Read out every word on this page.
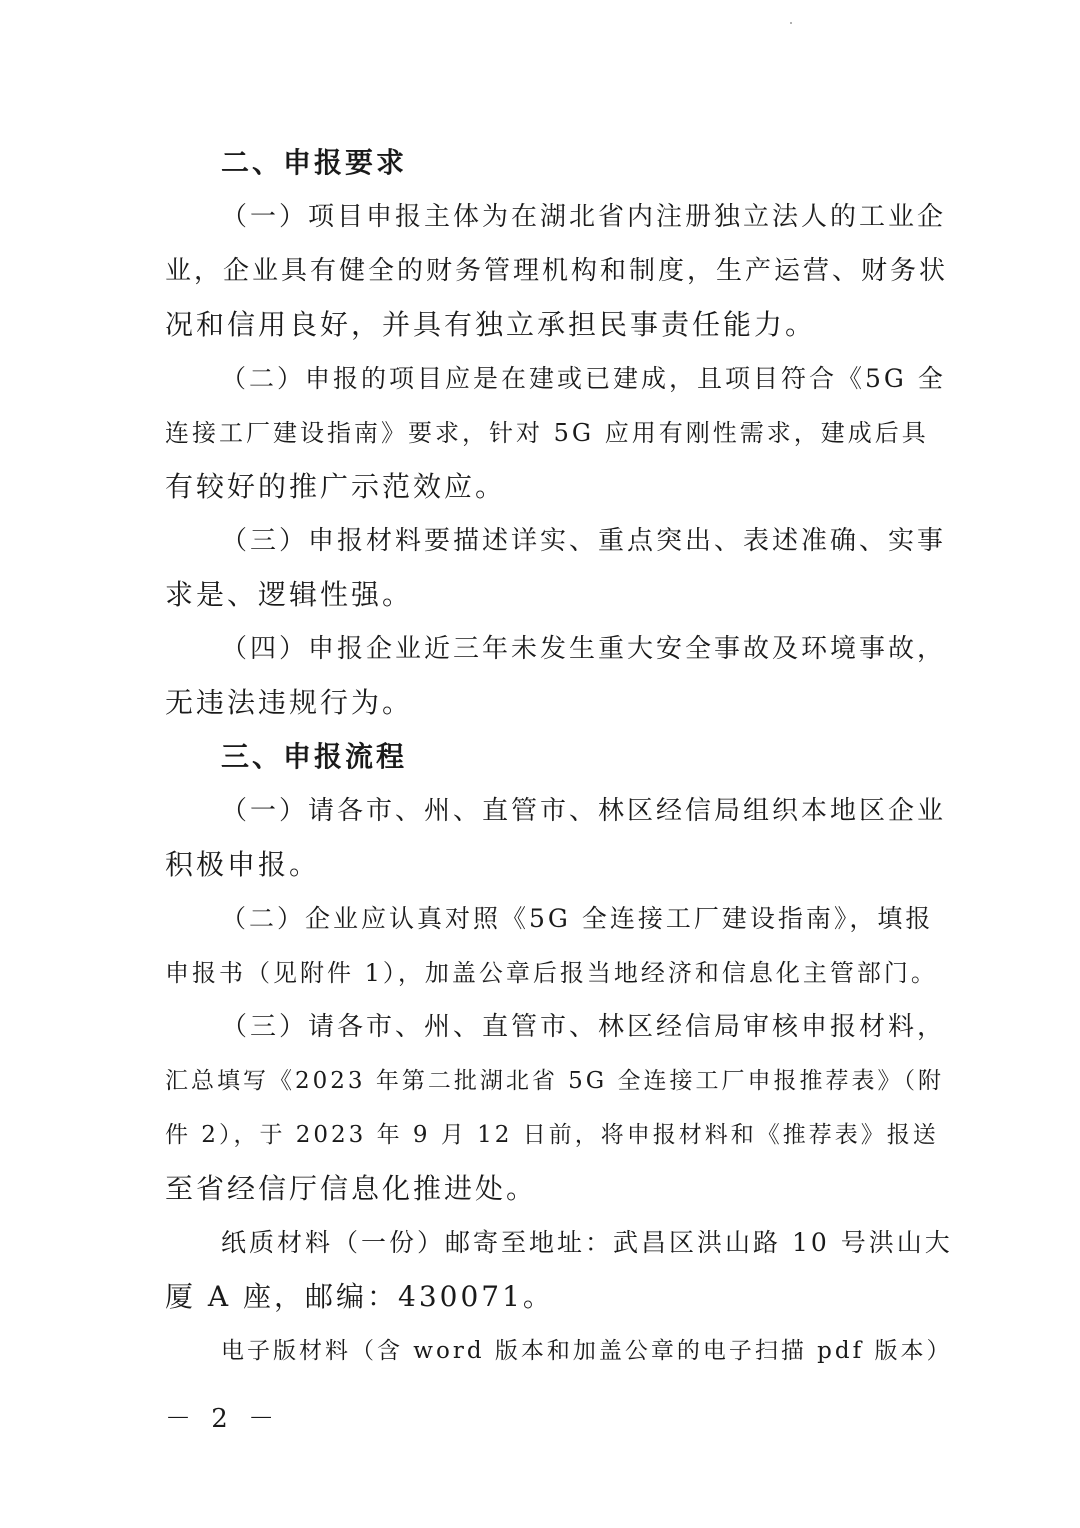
二、申报要求
（一）项目申报主体为在湖北省内注册独立法人的工业企
业，企业具有健全的财务管理机构和制度，生产运营、财务状
况和信用良好，并具有独立承担民事责任能力。
（二）申报的项目应是在建或已建成，且项目符合《5G 全
连接工厂建设指南》要求，针对 5G 应用有刚性需求，建成后具
有较好的推广示范效应。
（三）申报材料要描述详实、重点突出、表述准确、实事
求是、逻辑性强。
（四）申报企业近三年未发生重大安全事故及环境事故，
无违法违规行为。
三、申报流程
（一）请各市、州、直管市、林区经信局组织本地区企业
积极申报。
（二）企业应认真对照《5G 全连接工厂建设指南》，填报
申报书（见附件 1），加盖公章后报当地经济和信息化主管部门。
（三）请各市、州、直管市、林区经信局审核申报材料，
汇总填写《2023 年第二批湖北省 5G 全连接工厂申报推荐表》（附
件 2），于 2023 年 9 月 12 日前，将申报材料和《推荐表》报送
至省经信厅信息化推进处。
纸质材料（一份）邮寄至地址：武昌区洪山路 10 号洪山大
厦 A 座，邮编：430071。
电子版材料（含 word 版本和加盖公章的电子扫描 pdf 版本）
－ 2 －
